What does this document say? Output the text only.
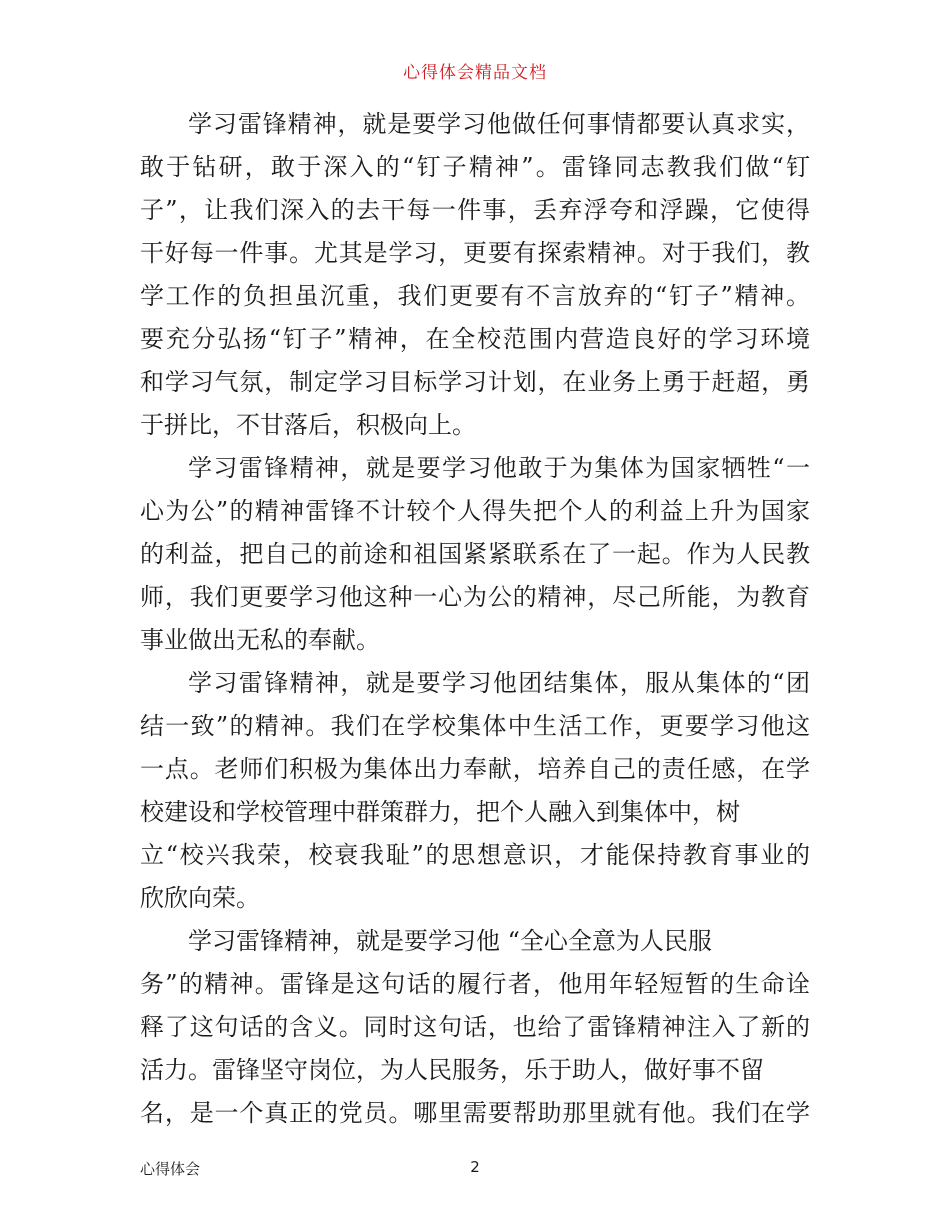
心得体会精品文档
学习雷锋精神，就是要学习他做任何事情都要认真求实，
敢于钻研，敢于深入的“钉子精神”。雷锋同志教我们做“钉
子”，让我们深入的去干每一件事，丢弃浮夸和浮躁，它使得
干好每一件事。尤其是学习，更要有探索精神。对于我们，教
学工作的负担虽沉重，我们更要有不言放弃的“钉子”精神。
要充分弘扬“钉子”精神，在全校范围内营造良好的学习环境
和学习气氛，制定学习目标学习计划，在业务上勇于赶超，勇
于拼比，不甘落后，积极向上。
学习雷锋精神，就是要学习他敢于为集体为国家牺牲“一
心为公”的精神雷锋不计较个人得失把个人的利益上升为国家
的利益，把自己的前途和祖国紧紧联系在了一起。作为人民教
师，我们更要学习他这种一心为公的精神，尽己所能，为教育
事业做出无私的奉献。
学习雷锋精神，就是要学习他团结集体，服从集体的“团
结一致”的精神。我们在学校集体中生活工作，更要学习他这
一点。老师们积极为集体出力奉献，培养自己的责任感，在学
校建设和学校管理中群策群力，把个人融入到集体中，树
立“校兴我荣，校衰我耻”的思想意识，才能保持教育事业的
欣欣向荣。
学习雷锋精神，就是要学习他 “全心全意为人民服
务”的精神。雷锋是这句话的履行者，他用年轻短暂的生命诠
释了这句话的含义。同时这句话，也给了雷锋精神注入了新的
活力。雷锋坚守岗位，为人民服务，乐于助人，做好事不留
名，是一个真正的党员。哪里需要帮助那里就有他。我们在学
心得体会	2
